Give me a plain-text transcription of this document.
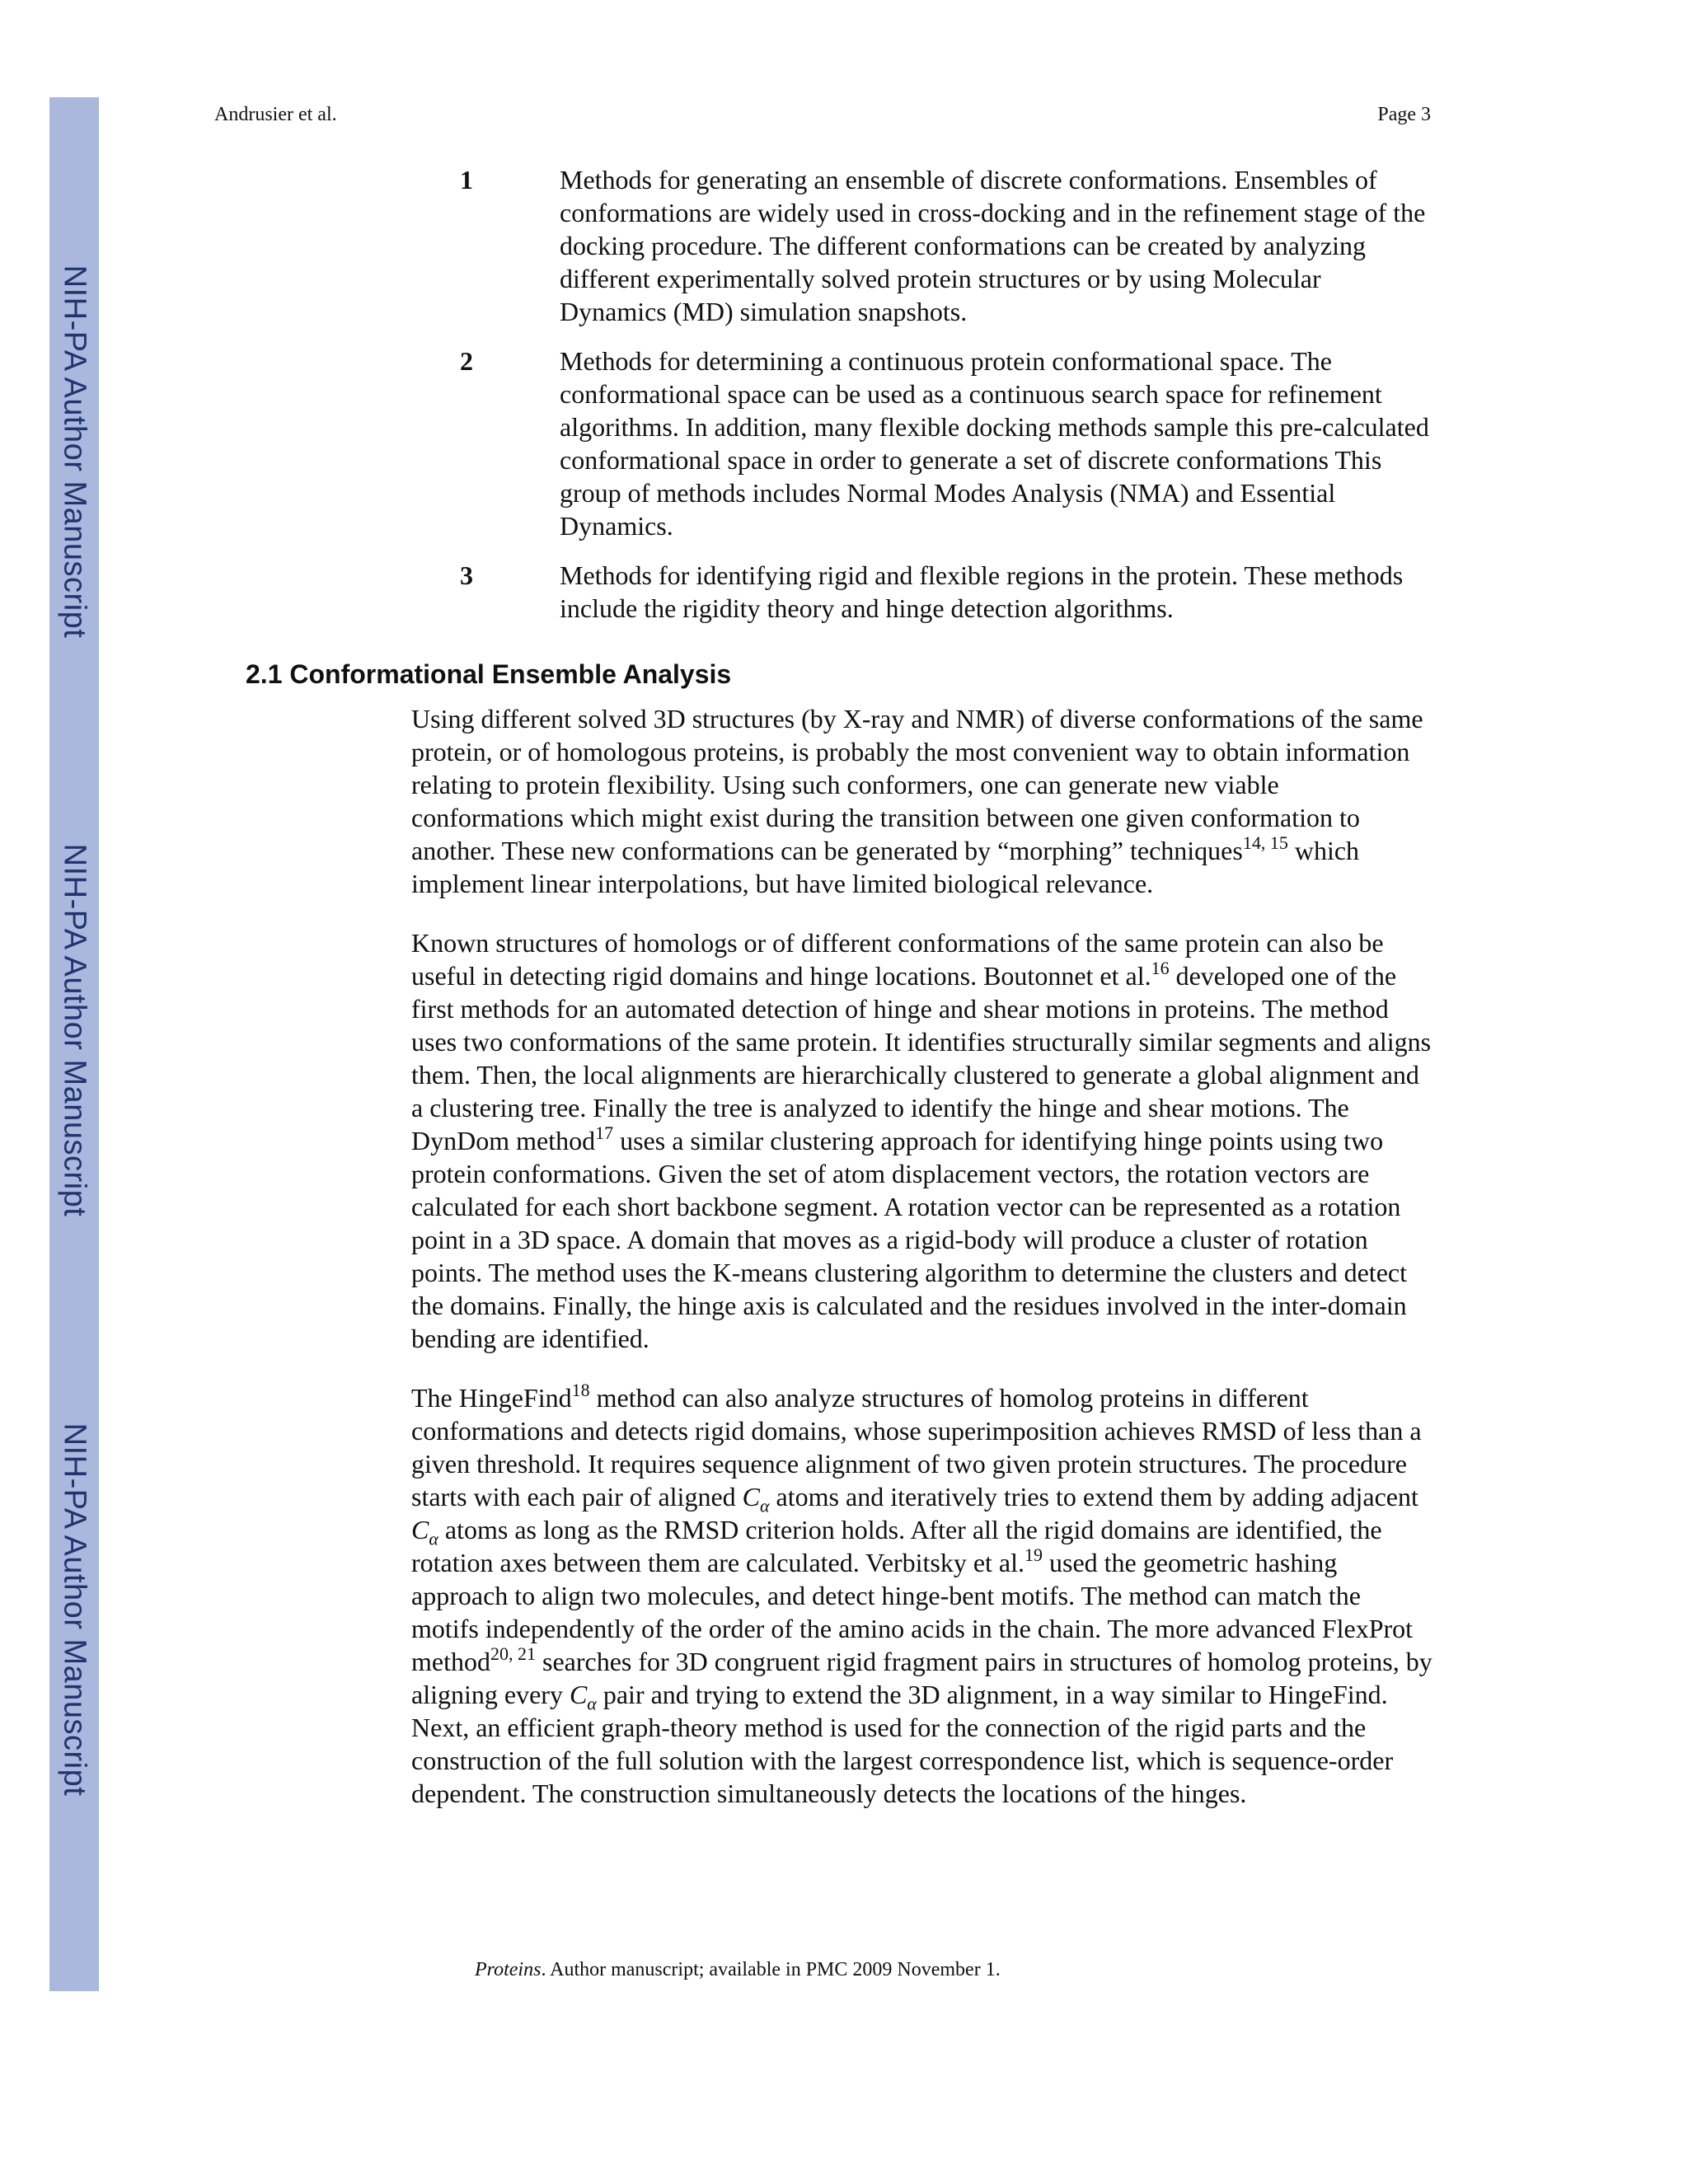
NIH-PA Author Manuscript
NIH-PA Author Manuscript
NIH-PA Author Manuscript
Andrusier et al.	Page 3
1	Methods for generating an ensemble of discrete conformations. Ensembles of conformations are widely used in cross-docking and in the refinement stage of the docking procedure. The different conformations can be created by analyzing different experimentally solved protein structures or by using Molecular Dynamics (MD) simulation snapshots.
2	Methods for determining a continuous protein conformational space. The conformational space can be used as a continuous search space for refinement algorithms. In addition, many flexible docking methods sample this pre-calculated conformational space in order to generate a set of discrete conformations This group of methods includes Normal Modes Analysis (NMA) and Essential Dynamics.
3	Methods for identifying rigid and flexible regions in the protein. These methods include the rigidity theory and hinge detection algorithms.
2.1 Conformational Ensemble Analysis

Using different solved 3D structures (by X-ray and NMR) of diverse conformations of the same protein, or of homologous proteins, is probably the most convenient way to obtain information relating to protein flexibility. Using such conformers, one can generate new viable conformations which might exist during the transition between one given conformation to another. These new conformations can be generated by “morphing” techniques$^{14, 15}$ which implement linear interpolations, but have limited biological relevance.

Known structures of homologs or of different conformations of the same protein can also be useful in detecting rigid domains and hinge locations. Boutonnet et al.$^{16}$ developed one of the first methods for an automated detection of hinge and shear motions in proteins. The method uses two conformations of the same protein. It identifies structurally similar segments and aligns them. Then, the local alignments are hierarchically clustered to generate a global alignment and a clustering tree. Finally the tree is analyzed to identify the hinge and shear motions. The DynDom method$^{17}$ uses a similar clustering approach for identifying hinge points using two protein conformations. Given the set of atom displacement vectors, the rotation vectors are calculated for each short backbone segment. A rotation vector can be represented as a rotation point in a 3D space. A domain that moves as a rigid-body will produce a cluster of rotation points. The method uses the K-means clustering algorithm to determine the clusters and detect the domains. Finally, the hinge axis is calculated and the residues involved in the inter-domain bending are identified.

The HingeFind$^{18}$ method can also analyze structures of homolog proteins in different conformations and detects rigid domains, whose superimposition achieves RMSD of less than a given threshold. It requires sequence alignment of two given protein structures. The procedure starts with each pair of aligned $C_\alpha$ atoms and iteratively tries to extend them by adding adjacent $C_\alpha$ atoms as long as the RMSD criterion holds. After all the rigid domains are identified, the rotation axes between them are calculated. Verbitsky et al.$^{19}$ used the geometric hashing approach to align two molecules, and detect hinge-bent motifs. The method can match the motifs independently of the order of the amino acids in the chain. The more advanced FlexProt method$^{20, 21}$ searches for 3D congruent rigid fragment pairs in structures of homolog proteins, by aligning every $C_\alpha$ pair and trying to extend the 3D alignment, in a way similar to HingeFind. Next, an efficient graph-theory method is used for the connection of the rigid parts and the construction of the full solution with the largest correspondence list, which is sequence-order dependent. The construction simultaneously detects the locations of the hinges.

Proteins. Author manuscript; available in PMC 2009 November 1.
